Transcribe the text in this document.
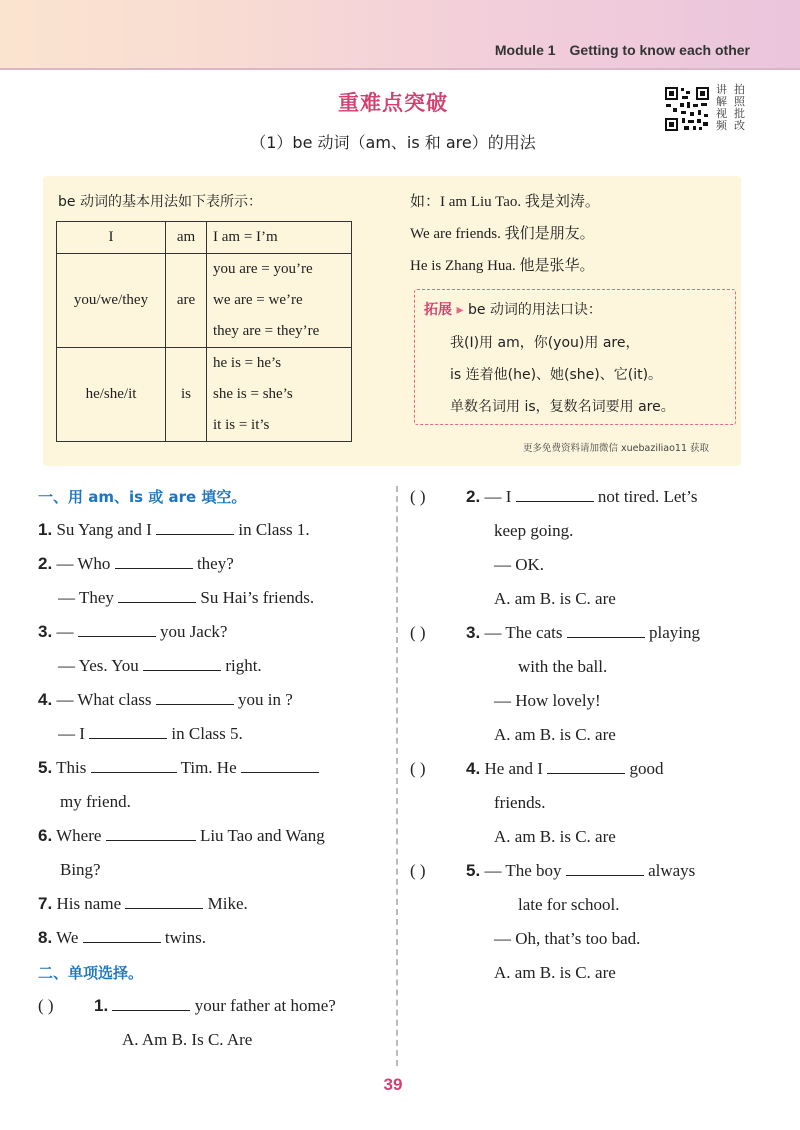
Module 1 Getting to know each other
重难点突破
（1）be 动词（am、is 和 are）的用法
讲 拍
解 照
视 批
频 改
be 动词的基本用法如下表所示：
I	am	I am = I’m

you/we/they	are	you are = you’re
we are = we’re
they are = they’re

he/she/it	is	he is = he’s
she is = she’s
it is = it’s
如：I am Liu Tao. 我是刘涛。
We are friends. 我们是朋友。
He is Zhang Hua. 他是张华。
拓展 ▸ be 动词的用法口诀：
我(I)用 am，你(you)用 are，
is 连着他(he)、她(she)、它(it)。
单数名词用 is，复数名词要用 are。
更多免费资料请加微信 xuebaziliao11 获取
一、用 am、is 或 are 填空。
1. Su Yang and I	in Class 1.
2. — Who	they?
— They	Su Hai’s friends.
3. —	you Jack?
— Yes. You	right.
4. — What class	you in ?
— I	in Class 5.
5. This	Tim. He
my friend.
6. Where	Liu Tao and Wang
Bing?
7. His name	Mike.
8. We	twins.
二、单项选择。
( ) 1.	your father at home?
A. Am B. Is C. Are
( ) 2. — I	not tired. Let’s
keep going.
— OK.
A. am B. is C. are
( ) 3. — The cats	playing
with the ball.
— How lovely!
A. am B. is C. are
( ) 4. He and I	good
friends.
A. am B. is C. are
( ) 5. — The boy	always
late for school.
— Oh, that’s too bad.
A. am B. is C. are
39
